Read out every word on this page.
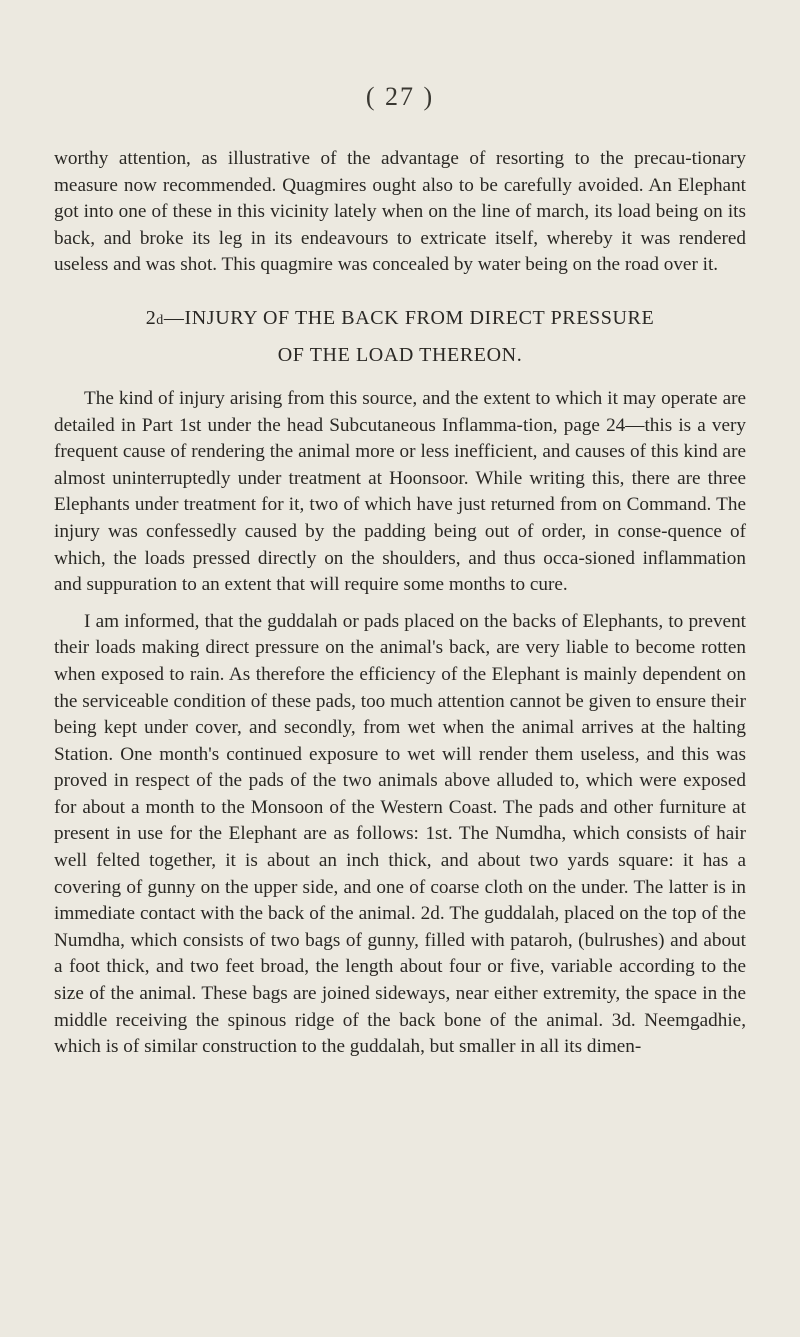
( 27 )

worthy attention, as illustrative of the advantage of resorting to the precau-tionary measure now recommended. Quagmires ought also to be carefully avoided. An Elephant got into one of these in this vicinity lately when on the line of march, its load being on its back, and broke its leg in its endeavours to extricate itself, whereby it was rendered useless and was shot. This quagmire was concealed by water being on the road over it.

2d—INJURY OF THE BACK FROM DIRECT PRESSURE
OF THE LOAD THEREON.

The kind of injury arising from this source, and the extent to which it may operate are detailed in Part 1st under the head Subcutaneous Inflamma-tion, page 24—this is a very frequent cause of rendering the animal more or less inefficient, and causes of this kind are almost uninterruptedly under treatment at Hoonsoor. While writing this, there are three Elephants under treatment for it, two of which have just returned from on Command. The injury was confessedly caused by the padding being out of order, in conse-quence of which, the loads pressed directly on the shoulders, and thus occa-sioned inflammation and suppuration to an extent that will require some months to cure.

I am informed, that the guddalah or pads placed on the backs of Elephants, to prevent their loads making direct pressure on the animal's back, are very liable to become rotten when exposed to rain. As therefore the efficiency of the Elephant is mainly dependent on the serviceable condition of these pads, too much attention cannot be given to ensure their being kept under cover, and secondly, from wet when the animal arrives at the halting Station. One month's continued exposure to wet will render them useless, and this was proved in respect of the pads of the two animals above alluded to, which were exposed for about a month to the Monsoon of the Western Coast. The pads and other furniture at present in use for the Elephant are as follows: 1st. The Numdha, which consists of hair well felted together, it is about an inch thick, and about two yards square: it has a covering of gunny on the upper side, and one of coarse cloth on the under. The latter is in immediate contact with the back of the animal. 2d. The guddalah, placed on the top of the Numdha, which consists of two bags of gunny, filled with pataroh, (bulrushes) and about a foot thick, and two feet broad, the length about four or five, variable according to the size of the animal. These bags are joined sideways, near either extremity, the space in the middle receiving the spinous ridge of the back bone of the animal. 3d. Neemgadhie, which is of similar construction to the guddalah, but smaller in all its dimen-
